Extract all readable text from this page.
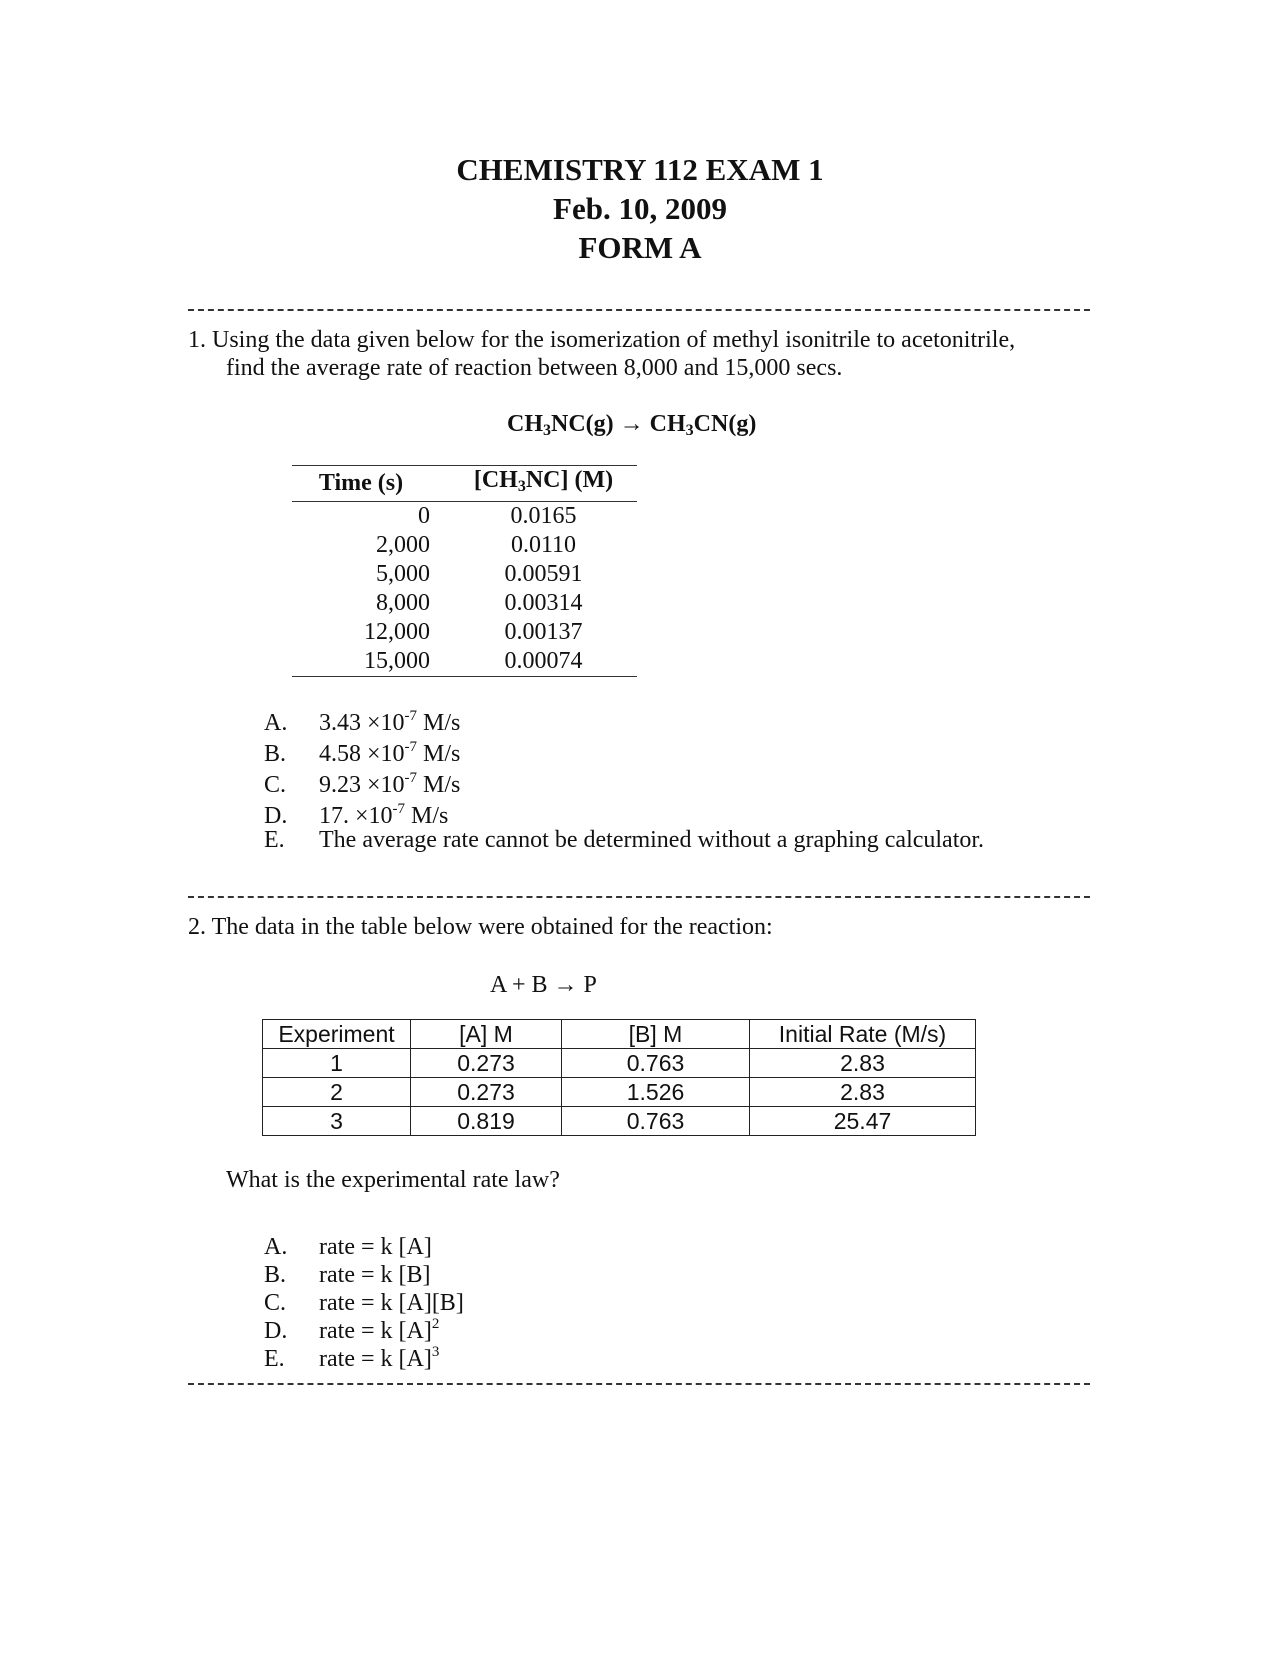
CHEMISTRY 112 EXAM 1
Feb. 10, 2009
FORM A
1. Using the data given below for the isomerization of methyl isonitrile to acetonitrile,
find the average rate of reaction between 8,000 and 15,000 secs.
$CH_3NC(g) \to CH_3CN(g)$
Time (s)	$[CH_3NC]$ (M)
0	0.0165
2,000	0.0110
5,000	0.00591
8,000	0.00314
12,000	0.00137
15,000	0.00074
A. $3.43 \times 10^{-7}$ M/s
B. $4.58 \times 10^{-7}$ M/s
C. $9.23 \times 10^{-7}$ M/s
D. 17. $\times 10^{-7}$ M/s
E. The average rate cannot be determined without a graphing calculator.
2. The data in the table below were obtained for the reaction:
A + B → P
Experiment	[A] M	[B] M	Initial Rate (M/s)
1	0.273	0.763	2.83
2	0.273	1.526	2.83
3	0.819	0.763	25.47
What is the experimental rate law?
A. rate = k [A]
B. rate = k [B]
C. rate = k [A][B]
D. rate = k $[A]^2$
E. rate = k $[A]^3$
